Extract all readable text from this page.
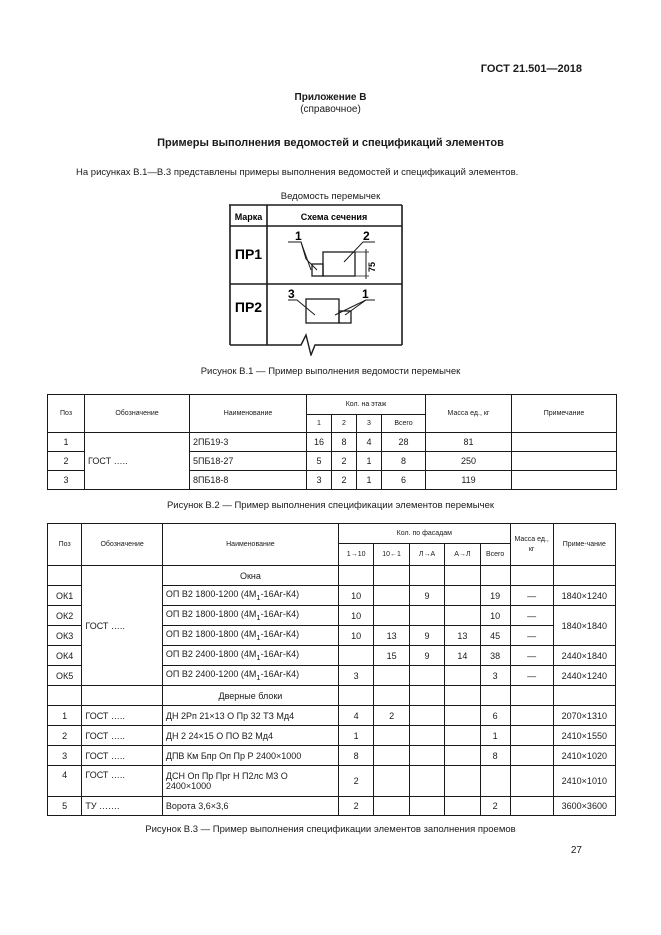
ГОСТ 21.501—2018
Приложение В
(справочное)
Примеры выполнения ведомостей и спецификаций элементов
На рисунках В.1—В.3 представлены примеры выполнения ведомостей и спецификаций элементов.
Ведомость перемычек
Марка	Схема сечения
ПР1
ПР2
1	2
75
3	1
Рисунок В.1 — Пример выполнения ведомости перемычек
Поз	Обозначение	Наименование	Кол. на этаж				Масса ед., кг	Примечание
			1	2	3	Всего		
1	ГОСТ …..	2ПБ19-3	16	8	4	28	81	
2		5ПБ18-27	5	2	1	8	250	
3		8ПБ18-8	3	2	1	6	119	
Рисунок В.2 — Пример выполнения спецификации элементов перемычек
Поз	Обозначение	Наименование	Кол. по фасадам					Масса ед., кг	Приме-чание
			1→10	10←1	Л→А	А→Л	Всего		
	ГОСТ …..	Окна							
ОК1		ОП В2 1800-1200 $(4М_1-16Аг-К4)$	10		9		19	—	1840×1240
ОК2		ОП В2 1800-1800 $(4М_1-16Аг-К4)$	10				10	—	1840×1840
ОК3		ОП В2 1800-1800 $(4М_1-16Аг-К4)$	10	13	9	13	45	—	
ОК4		ОП В2 2400-1800 $(4М_1-16Аг-К4)$		15	9	14	38	—	2440×1840
ОК5		ОП В2 2400-1200 $(4М_1-16Аг-К4)$	3				3	—	2440×1240
		Дверные блоки							
1	ГОСТ …..	ДН 2Рп 21×13 О Пр 32 ТЗ Мд4	4	2			6		2070×1310
2	ГОСТ …..	ДН 2 24×15 О ПО В2 Мд4	1				1		2410×1550
3	ГОСТ …..	ДПВ Км Бпр Оп Пр Р 2400×1000	8				8		2410×1020
4	ГОСТ …..	ДСН Оп Пр Прг Н П2лс М3 О 2400×1000	2						2410×1010
5	ТУ …….	Ворота 3,6×3,6	2				2		3600×3600
Рисунок В.3 — Пример выполнения спецификации элементов заполнения проемов
27
